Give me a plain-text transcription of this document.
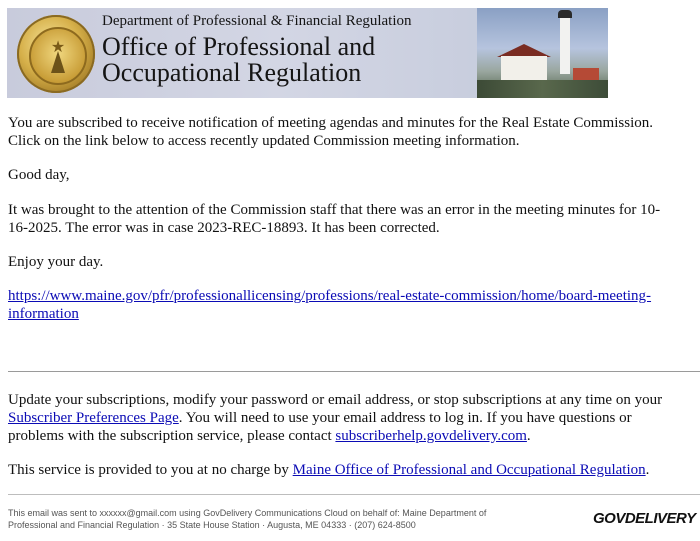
★
Department of Professional & Financial Regulation
Office of Professional and
Occupational Regulation

You are subscribed to receive notification of meeting agendas and minutes for the Real Estate Commission.

Click on the link below to access recently updated Commission meeting information.

Good day,

It was brought to the attention of the Commission staff that there was an error in the meeting minutes for 10-

16-2025. The error was in case 2023-REC-18893. It has been corrected.

Enjoy your day.

https://www.maine.gov/pfr/professionallicensing/professions/real-estate-commission/home/board-meeting-

information

Update your subscriptions, modify your password or email address, or stop subscriptions at any time on your

Subscriber Preferences Page. You will need to use your email address to log in. If you have questions or

problems with the subscription service, please contact subscriberhelp.govdelivery.com.

This service is provided to you at no charge by Maine Office of Professional and Occupational Regulation.

This email was sent to xxxxxx@gmail.com using GovDelivery Communications Cloud on behalf of: Maine Department of
Professional and Financial Regulation · 35 State House Station · Augusta, ME 04333 · (207) 624-8500	GOVDELIVERY
